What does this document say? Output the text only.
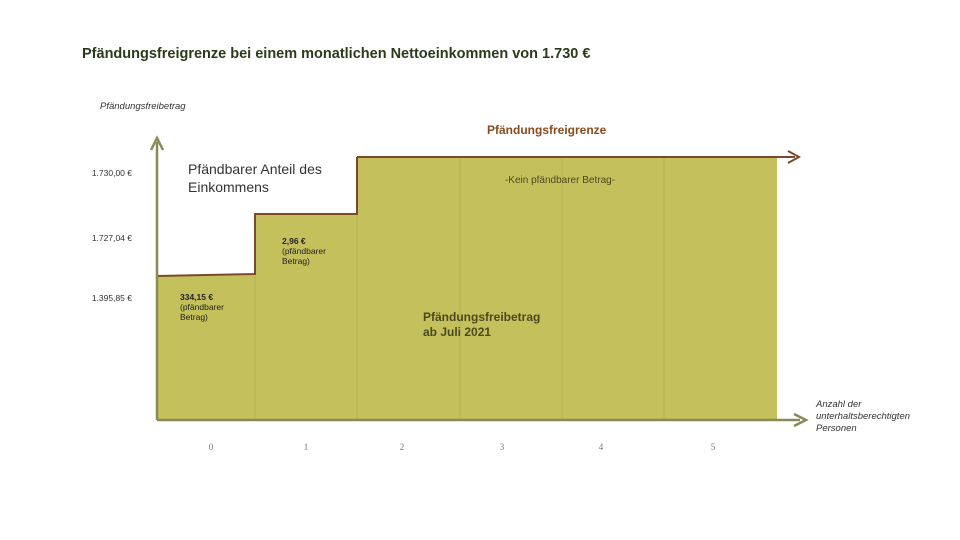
Pfändungsfreigrenze bei einem monatlichen Nettoeinkommen von 1.730 €
Pfändungsfreibetrag
1.730,00 €
1.727,04 €
1.395,85 €
0	1	2	3	4	5
Pfändungsfreigrenze
Pfändbarer Anteil des
Einkommens	-Kein pfändbarer Betrag-
Pfändungsfreibetrag
ab Juli 2021
334,15 €
(pfändbarer
Betrag)
2,96 €
(pfändbarer
Betrag)
Anzahl der
unterhaltsberechtigten
Personen
